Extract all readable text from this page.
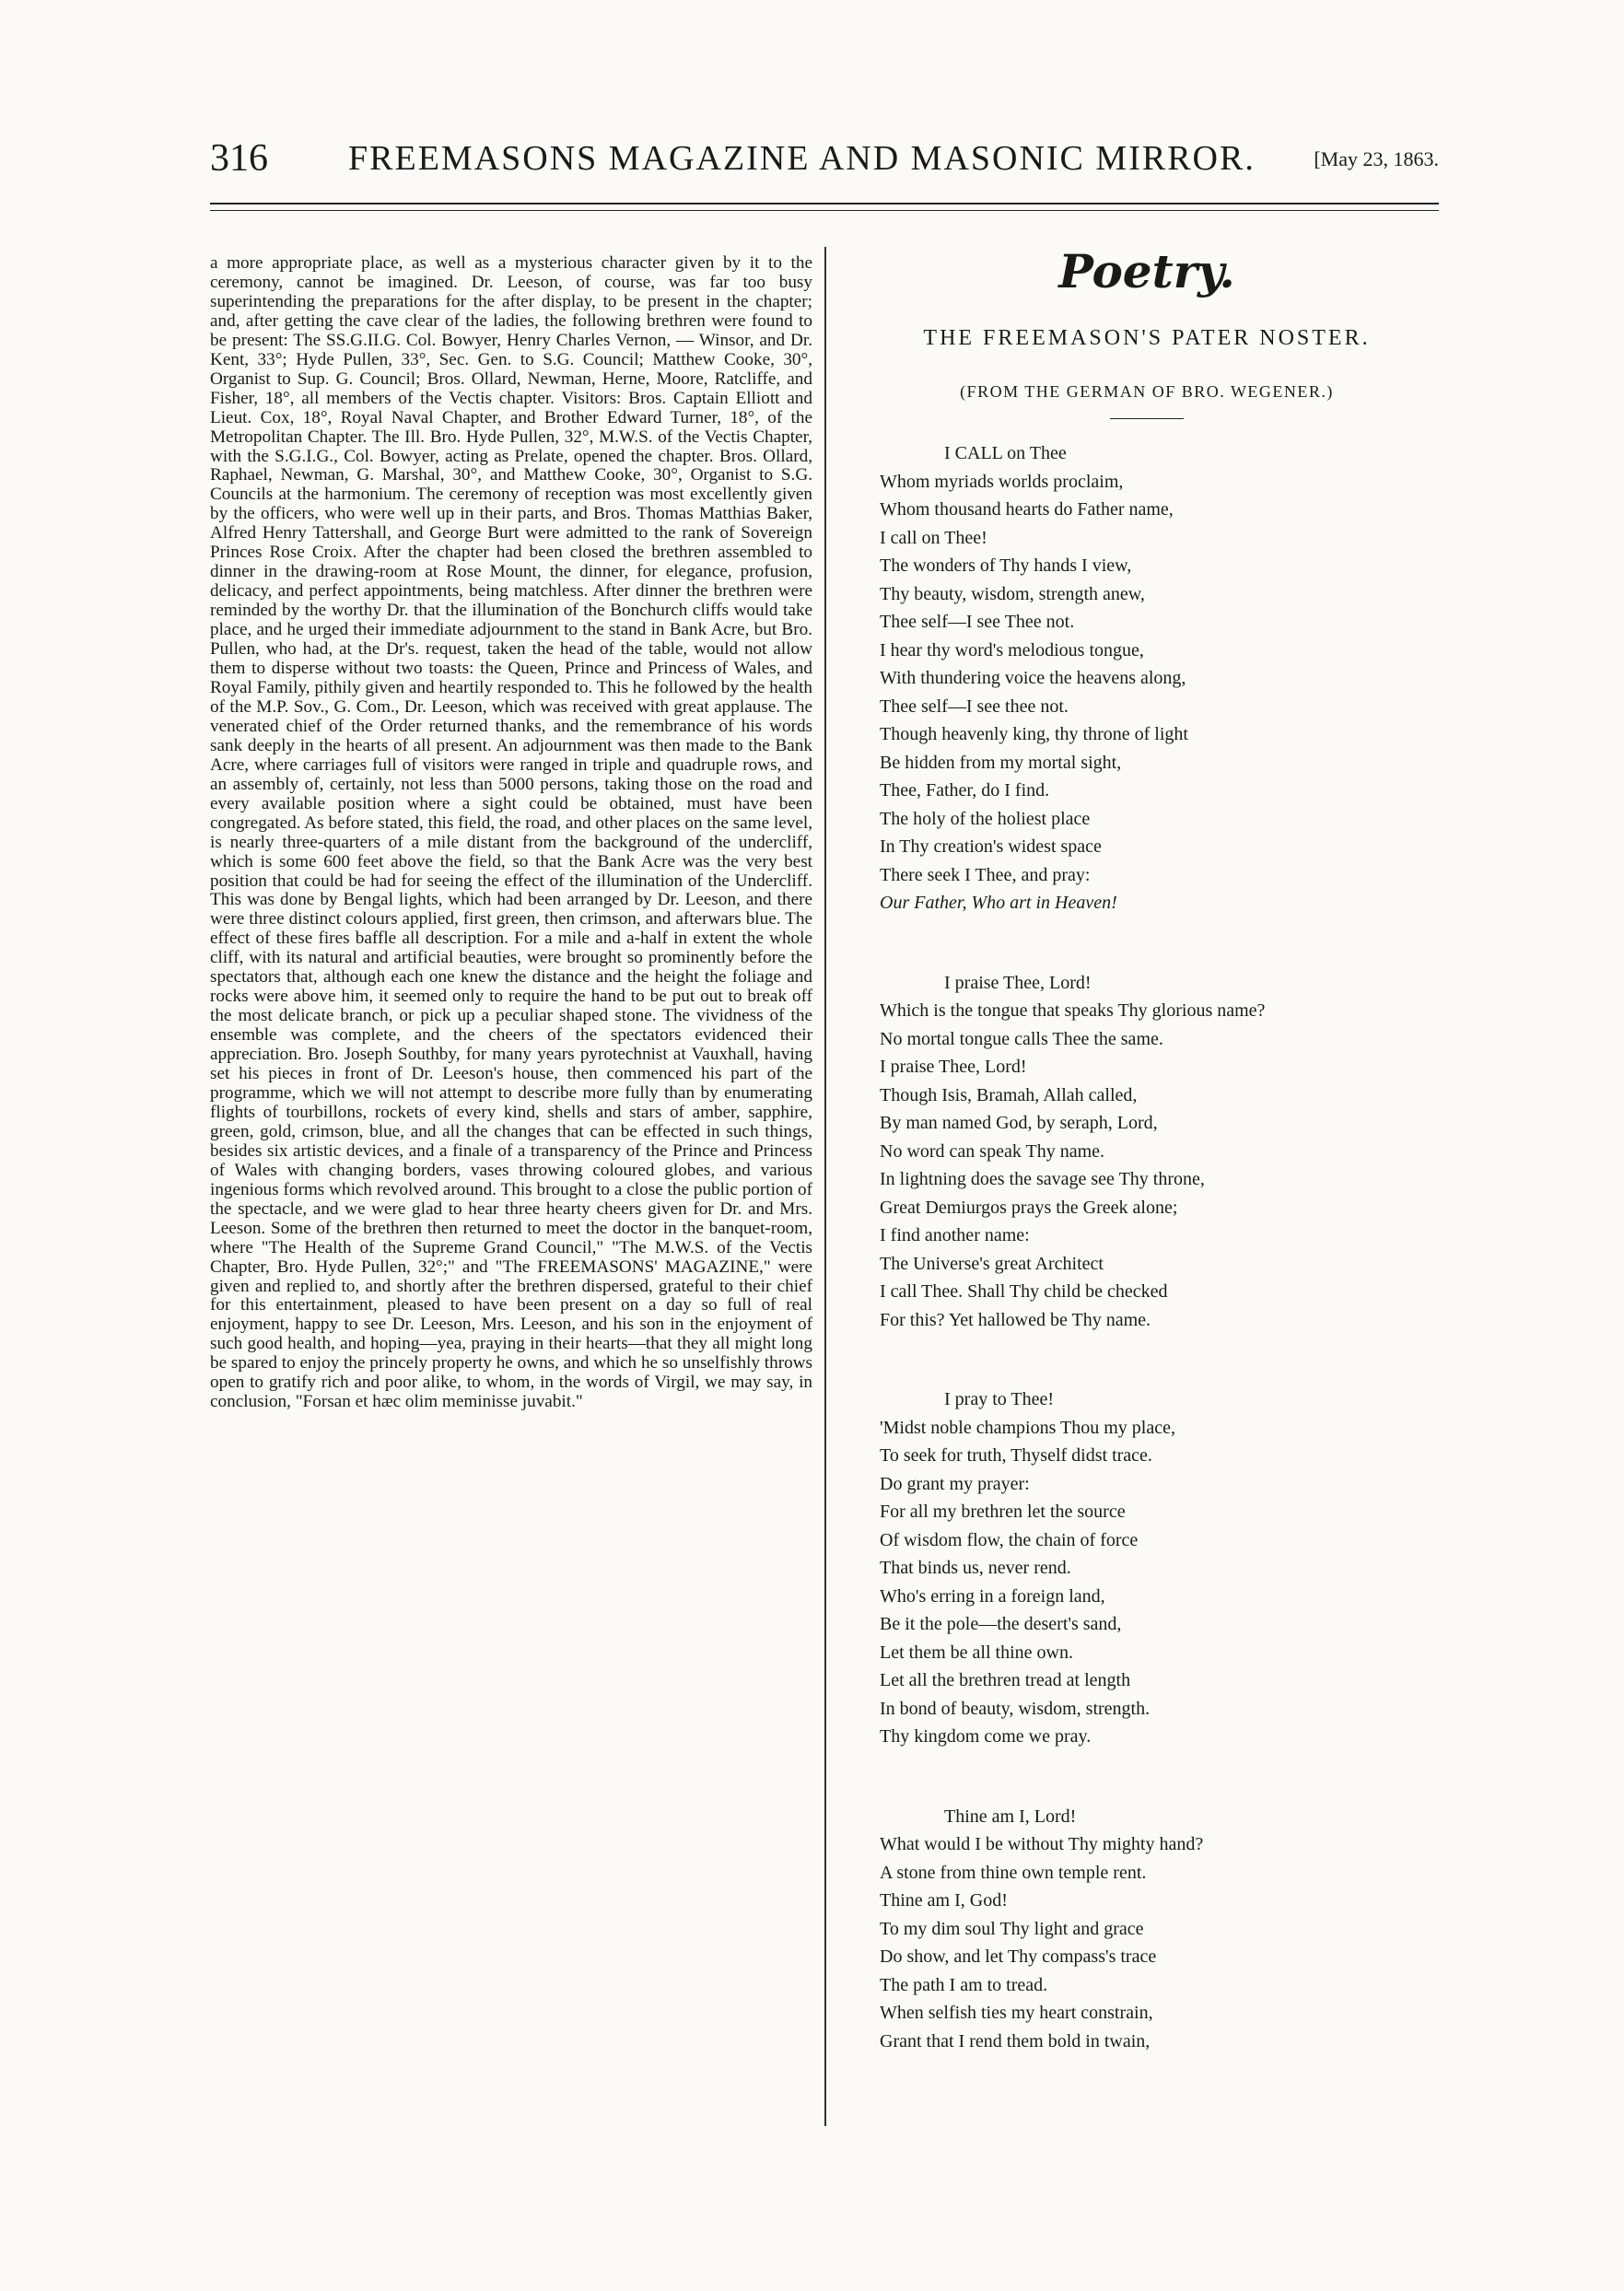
316 FREEMASONS MAGAZINE AND MASONIC MIRROR.	[May 23, 1863.

a more appropriate place, as well as a mysterious character given by it to the ceremony, cannot be imagined. Dr. Leeson, of course, was far too busy superintending the preparations for the after display, to be present in the chapter; and, after getting the cave clear of the ladies, the following brethren were found to be present: The SS.G.II.G. Col. Bowyer, Henry Charles Vernon, — Winsor, and Dr. Kent, 33°; Hyde Pullen, 33°, Sec. Gen. to S.G. Council; Matthew Cooke, 30°, Organist to Sup. G. Council; Bros. Ollard, Newman, Herne, Moore, Ratcliffe, and Fisher, 18°, all members of the Vectis chapter. Visitors: Bros. Captain Elliott and Lieut. Cox, 18°, Royal Naval Chapter, and Brother Edward Turner, 18°, of the Metropolitan Chapter. The Ill. Bro. Hyde Pullen, 32°, M.W.S. of the Vectis Chapter, with the S.G.I.G., Col. Bowyer, acting as Prelate, opened the chapter. Bros. Ollard, Raphael, Newman, G. Marshal, 30°, and Matthew Cooke, 30°, Organist to S.G. Councils at the harmonium. The ceremony of reception was most excellently given by the officers, who were well up in their parts, and Bros. Thomas Matthias Baker, Alfred Henry Tattershall, and George Burt were admitted to the rank of Sovereign Princes Rose Croix. After the chapter had been closed the brethren assembled to dinner in the drawing-room at Rose Mount, the dinner, for elegance, profusion, delicacy, and perfect appointments, being matchless. After dinner the brethren were reminded by the worthy Dr. that the illumination of the Bonchurch cliffs would take place, and he urged their immediate adjournment to the stand in Bank Acre, but Bro. Pullen, who had, at the Dr's. request, taken the head of the table, would not allow them to disperse without two toasts: the Queen, Prince and Princess of Wales, and Royal Family, pithily given and heartily responded to. This he followed by the health of the M.P. Sov., G. Com., Dr. Leeson, which was received with great applause. The venerated chief of the Order returned thanks, and the remembrance of his words sank deeply in the hearts of all present. An adjournment was then made to the Bank Acre, where carriages full of visitors were ranged in triple and quadruple rows, and an assembly of, certainly, not less than 5000 persons, taking those on the road and every available position where a sight could be obtained, must have been congregated. As before stated, this field, the road, and other places on the same level, is nearly three-quarters of a mile distant from the background of the undercliff, which is some 600 feet above the field, so that the Bank Acre was the very best position that could be had for seeing the effect of the illumination of the Undercliff. This was done by Bengal lights, which had been arranged by Dr. Leeson, and there were three distinct colours applied, first green, then crimson, and afterwars blue. The effect of these fires baffle all description. For a mile and a-half in extent the whole cliff, with its natural and artificial beauties, were brought so prominently before the spectators that, although each one knew the distance and the height the foliage and rocks were above him, it seemed only to require the hand to be put out to break off the most delicate branch, or pick up a peculiar shaped stone. The vividness of the ensemble was complete, and the cheers of the spectators evidenced their appreciation. Bro. Joseph Southby, for many years pyrotechnist at Vauxhall, having set his pieces in front of Dr. Leeson's house, then commenced his part of the programme, which we will not attempt to describe more fully than by enumerating flights of tourbillons, rockets of every kind, shells and stars of amber, sapphire, green, gold, crimson, blue, and all the changes that can be effected in such things, besides six artistic devices, and a finale of a transparency of the Prince and Princess of Wales with changing borders, vases throwing coloured globes, and various ingenious forms which revolved around. This brought to a close the public portion of the spectacle, and we were glad to hear three hearty cheers given for Dr. and Mrs. Leeson. Some of the brethren then returned to meet the doctor in the banquet-room, where "The Health of the Supreme Grand Council," "The M.W.S. of the Vectis Chapter, Bro. Hyde Pullen, 32°;" and "The FREEMASONS' MAGAZINE," were given and replied to, and shortly after the brethren dispersed, grateful to their chief for this entertainment, pleased to have been present on a day so full of real enjoyment, happy to see Dr. Leeson, Mrs. Leeson, and his son in the enjoyment of such good health, and hoping—yea, praying in their hearts—that they all might long be spared to enjoy the princely property he owns, and which he so unselfishly throws open to gratify rich and poor alike, to whom, in the words of Virgil, we may say, in conclusion, "Forsan et hæc olim meminisse juvabit."

Poetry.
THE FREEMASON'S PATER NOSTER.
(FROM THE GERMAN OF BRO. WEGENER.)
I CALL on Thee
Whom myriads worlds proclaim,
Whom thousand hearts do Father name,
I call on Thee!
The wonders of Thy hands I view,
Thy beauty, wisdom, strength anew,
Thee self—I see Thee not.
I hear thy word's melodious tongue,
With thundering voice the heavens along,
Thee self—I see thee not.
Though heavenly king, thy throne of light
Be hidden from my mortal sight,
Thee, Father, do I find.
The holy of the holiest place
In Thy creation's widest space
There seek I Thee, and pray:
Our Father, Who art in Heaven!
I praise Thee, Lord!
Which is the tongue that speaks Thy glorious name?
No mortal tongue calls Thee the same.
I praise Thee, Lord!
Though Isis, Bramah, Allah called,
By man named God, by seraph, Lord,
No word can speak Thy name.
In lightning does the savage see Thy throne,
Great Demiurgos prays the Greek alone;
I find another name:
The Universe's great Architect
I call Thee. Shall Thy child be checked
For this? Yet hallowed be Thy name.
I pray to Thee!
'Midst noble champions Thou my place,
To seek for truth, Thyself didst trace.
Do grant my prayer:
For all my brethren let the source
Of wisdom flow, the chain of force
That binds us, never rend.
Who's erring in a foreign land,
Be it the pole—the desert's sand,
Let them be all thine own.
Let all the brethren tread at length
In bond of beauty, wisdom, strength.
Thy kingdom come we pray.
Thine am I, Lord!
What would I be without Thy mighty hand?
A stone from thine own temple rent.
Thine am I, God!
To my dim soul Thy light and grace
Do show, and let Thy compass's trace
The path I am to tread.
When selfish ties my heart constrain,
Grant that I rend them bold in twain,
